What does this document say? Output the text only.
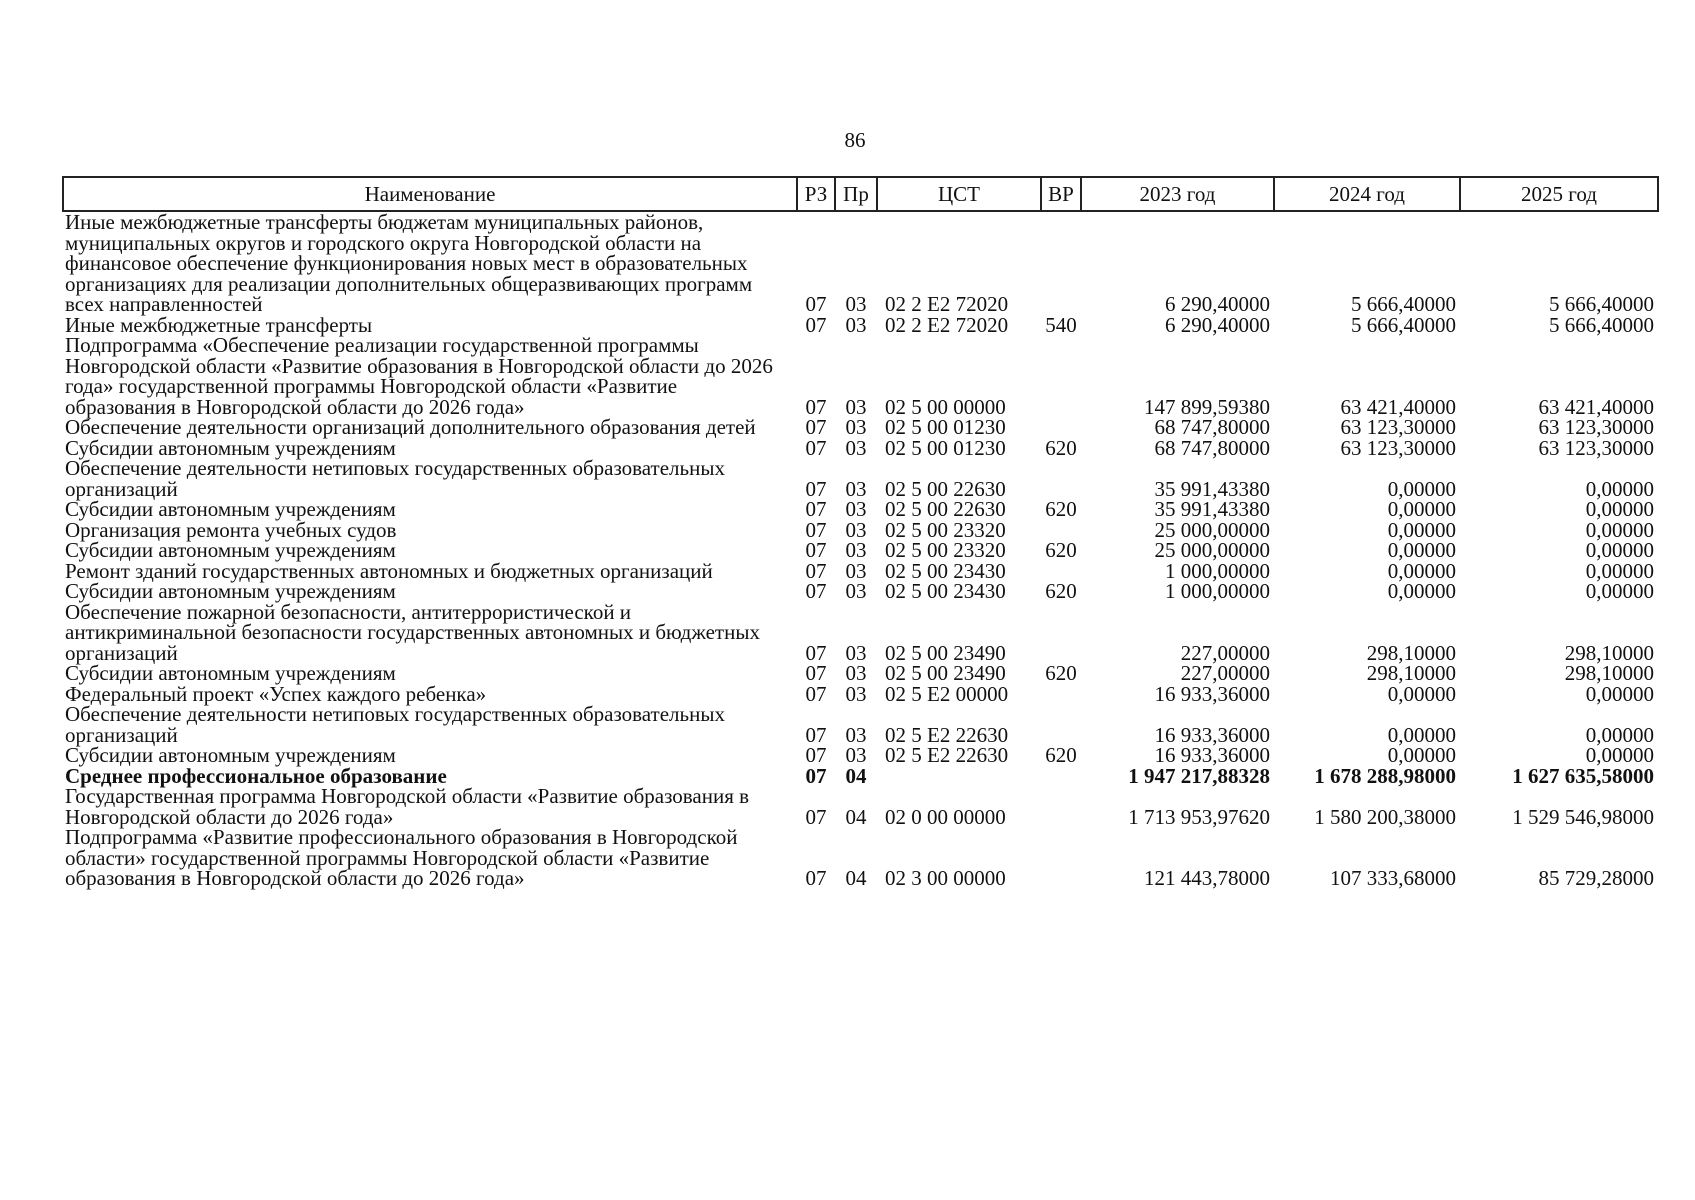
86
Наименование	РЗ	Пр	ЦСТ	ВР	2023 год	2024 год	2025 год
Иные межбюджетные трансферты бюджетам муниципальных районов, муниципальных округов и городского округа Новгородской области на финансовое обеспечение функционирования новых мест в образовательных организациях для реализации дополнительных общеразвивающих программ всех направленностей	07	03	02 2 Е2 72020		6 290,40000	5 666,40000	5 666,40000
Иные межбюджетные трансферты	07	03	02 2 Е2 72020	540	6 290,40000	5 666,40000	5 666,40000
Подпрограмма «Обеспечение реализации государственной программы Новгородской области «Развитие образования в Новгородской области до 2026 года» государственной программы Новгородской области «Развитие образования в Новгородской области до 2026 года»	07	03	02 5 00 00000		147 899,59380	63 421,40000	63 421,40000
Обеспечение деятельности организаций дополнительного образования детей	07	03	02 5 00 01230		68 747,80000	63 123,30000	63 123,30000
Субсидии автономным учреждениям	07	03	02 5 00 01230	620	68 747,80000	63 123,30000	63 123,30000
Обеспечение деятельности нетиповых государственных образовательных организаций	07	03	02 5 00 22630		35 991,43380	0,00000	0,00000
Субсидии автономным учреждениям	07	03	02 5 00 22630	620	35 991,43380	0,00000	0,00000
Организация ремонта учебных судов	07	03	02 5 00 23320		25 000,00000	0,00000	0,00000
Субсидии автономным учреждениям	07	03	02 5 00 23320	620	25 000,00000	0,00000	0,00000
Ремонт зданий государственных автономных и бюджетных организаций	07	03	02 5 00 23430		1 000,00000	0,00000	0,00000
Субсидии автономным учреждениям	07	03	02 5 00 23430	620	1 000,00000	0,00000	0,00000
Обеспечение пожарной безопасности, антитеррористической и антикриминальной безопасности государственных автономных и бюджетных организаций	07	03	02 5 00 23490		227,00000	298,10000	298,10000
Субсидии автономным учреждениям	07	03	02 5 00 23490	620	227,00000	298,10000	298,10000
Федеральный проект «Успех каждого ребенка»	07	03	02 5 Е2 00000		16 933,36000	0,00000	0,00000
Обеспечение деятельности нетиповых государственных образовательных организаций	07	03	02 5 Е2 22630		16 933,36000	0,00000	0,00000
Субсидии автономным учреждениям	07	03	02 5 Е2 22630	620	16 933,36000	0,00000	0,00000
Среднее профессиональное образование	07	04			1 947 217,88328	1 678 288,98000	1 627 635,58000
Государственная программа Новгородской области «Развитие образования в Новгородской области до 2026 года»	07	04	02 0 00 00000		1 713 953,97620	1 580 200,38000	1 529 546,98000
Подпрограмма «Развитие профессионального образования в Новгородской области» государственной программы Новгородской области «Развитие образования в Новгородской области до 2026 года»	07	04	02 3 00 00000		121 443,78000	107 333,68000	85 729,28000
